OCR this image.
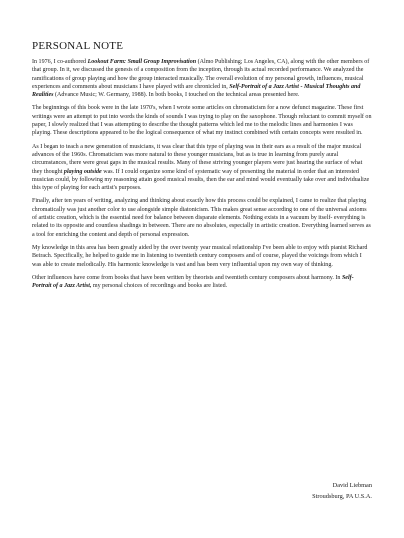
PERSONAL NOTE

In 1976, I co-authored Lookout Farm: Small Group Improvisation (Almo Publishing; Los Angeles, CA), along with the other members of that group. In it, we discussed the genesis of a composition from the inception, through its actual recorded performance. We analyzed the ramifications of group playing and how the group interacted musically. The overall evolution of my personal growth, influences, musical experiences and comments about musicians I have played with are chronicled in, Self-Portrait of a Jazz Artist - Musical Thoughts and Realities (Advance Music; W. Germany, 1988). In both books, I touched on the technical areas presented here.

The beginnings of this book were in the late 1970's, when I wrote some articles on chromaticism for a now defunct magazine. These first writings were an attempt to put into words the kinds of sounds I was trying to play on the saxophone. Though reluctant to commit myself on paper, I slowly realized that I was attempting to describe the thought patterns which led me to the melodic lines and harmonies I was playing. These descriptions appeared to be the logical consequence of what my instinct combined with certain concepts were resulted in.

As I began to teach a new generation of musicians, it was clear that this type of playing was in their ears as a result of the major musical advances of the 1960s. Chromaticism was more natural to these younger musicians, but as is true in learning from purely aural circumstances, there were great gaps in the musical results. Many of these striving younger players were just hearing the surface of what they thought playing outside was. If I could organize some kind of systematic way of presenting the material in order that an interested musician could, by following my reasoning attain good musical results, then the ear and mind would eventually take over and individualize this type of playing for each artist's purposes.

Finally, after ten years of writing, analyzing and thinking about exactly how this process could be explained, I came to realize that playing chromatically was just another color to use alongside simple diatonicism. This makes great sense according to one of the universal axioms of artistic creation, which is the essential need for balance between disparate elements. Nothing exists in a vacuum by itself- everything is related to its opposite and countless shadings in between. There are no absolutes, especially in artistic creation. Everything learned serves as a tool for enriching the content and depth of personal expression.

My knowledge in this area has been greatly aided by the over twenty year musical relationship I've been able to enjoy with pianist Richard Beirach. Specifically, he helped to guide me in listening to twentieth century composers and of course, played the voicings from which I was able to create melodically. His harmonic knowledge is vast and has been very influential upon my own way of thinking.

Other influences have come from books that have been written by theorists and twentieth century composers about harmony. In Self-Portrait of a Jazz Artist, my personal choices of recordings and books are listed.

David Liebman
Stroudsburg, PA U.S.A.
